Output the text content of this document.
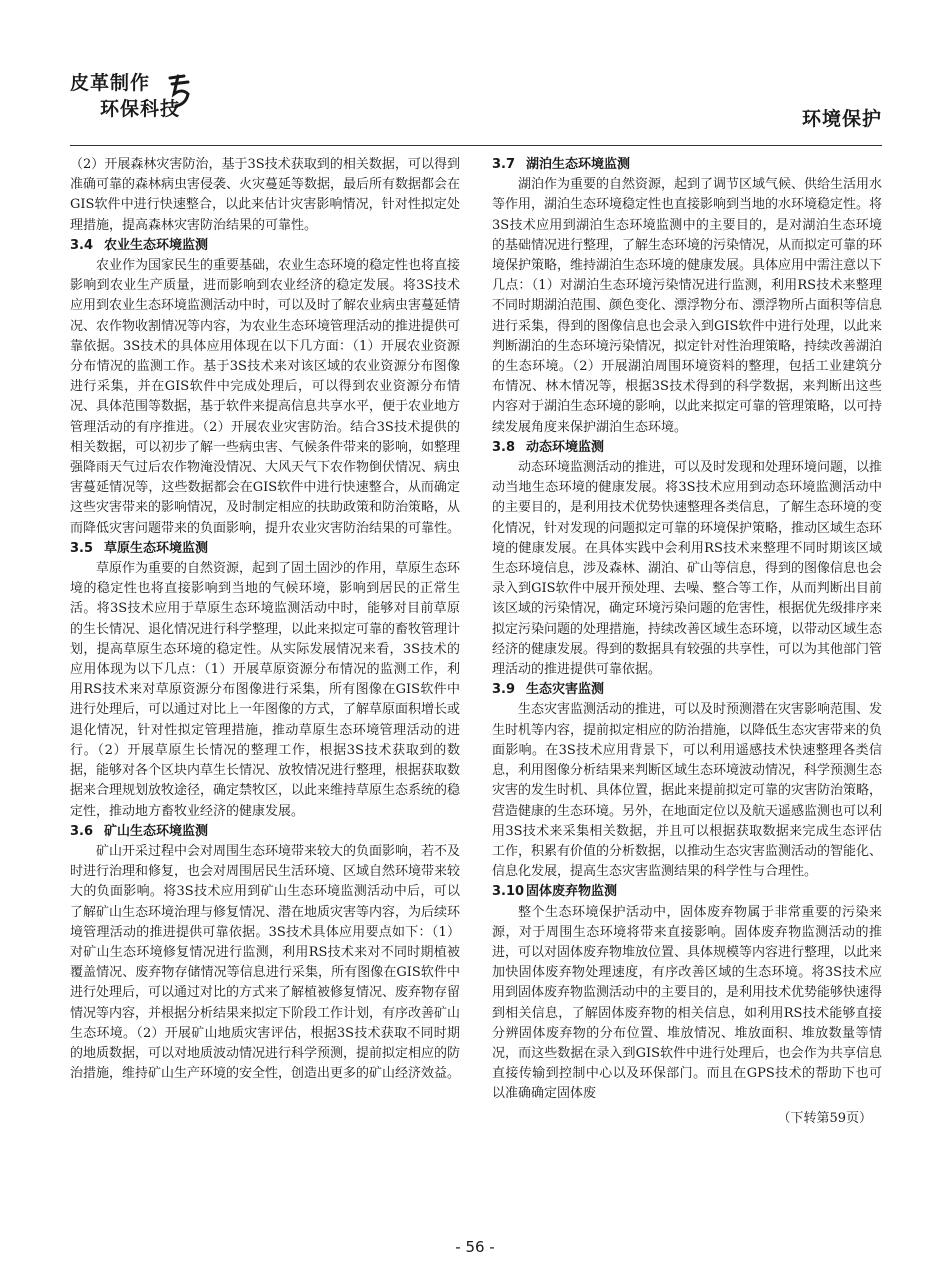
皮革制作
环保科技	环境保护

（2）开展森林灾害防治，基于3S技术获取到的相关数据，可以得到准确可靠的森林病虫害侵袭、火灾蔓延等数据，最后所有数据都会在GIS软件中进行快速整合，以此来估计灾害影响情况，针对性拟定处理措施，提高森林灾害防治结果的可靠性。

3.4 农业生态环境监测

农业作为国家民生的重要基础，农业生态环境的稳定性也将直接影响到农业生产质量，进而影响到农业经济的稳定发展。将3S技术应用到农业生态环境监测活动中时，可以及时了解农业病虫害蔓延情况、农作物收割情况等内容，为农业生态环境管理活动的推进提供可靠依据。3S技术的具体应用体现在以下几方面：（1）开展农业资源分布情况的监测工作。基于3S技术来对该区域的农业资源分布图像进行采集，并在GIS软件中完成处理后，可以得到农业资源分布情况、具体范围等数据，基于软件来提高信息共享水平，便于农业地方管理活动的有序推进。（2）开展农业灾害防治。结合3S技术提供的相关数据，可以初步了解一些病虫害、气候条件带来的影响，如整理强降雨天气过后农作物淹没情况、大风天气下农作物倒伏情况、病虫害蔓延情况等，这些数据都会在GIS软件中进行快速整合，从而确定这些灾害带来的影响情况，及时制定相应的扶助政策和防治策略，从而降低灾害问题带来的负面影响，提升农业灾害防治结果的可靠性。

3.5 草原生态环境监测

草原作为重要的自然资源，起到了固土固沙的作用，草原生态环境的稳定性也将直接影响到当地的气候环境，影响到居民的正常生活。将3S技术应用于草原生态环境监测活动中时，能够对目前草原的生长情况、退化情况进行科学整理，以此来拟定可靠的畜牧管理计划，提高草原生态环境的稳定性。从实际发展情况来看，3S技术的应用体现为以下几点：（1）开展草原资源分布情况的监测工作，利用RS技术来对草原资源分布图像进行采集，所有图像在GIS软件中进行处理后，可以通过对比上一年图像的方式，了解草原面积增长或退化情况，针对性拟定管理措施，推动草原生态环境管理活动的进行。（2）开展草原生长情况的整理工作，根据3S技术获取到的数据，能够对各个区块内草生长情况、放牧情况进行整理，根据获取数据来合理规划放牧途径，确定禁牧区，以此来维持草原生态系统的稳定性，推动地方畜牧业经济的健康发展。

3.6 矿山生态环境监测

矿山开采过程中会对周围生态环境带来较大的负面影响，若不及时进行治理和修复，也会对周围居民生活环境、区域自然环境带来较大的负面影响。将3S技术应用到矿山生态环境监测活动中后，可以了解矿山生态环境治理与修复情况、潜在地质灾害等内容，为后续环境管理活动的推进提供可靠依据。3S技术具体应用要点如下：（1）对矿山生态环境修复情况进行监测，利用RS技术来对不同时期植被覆盖情况、废弃物存储情况等信息进行采集，所有图像在GIS软件中进行处理后，可以通过对比的方式来了解植被修复情况、废弃物存留情况等内容，并根据分析结果来拟定下阶段工作计划，有序改善矿山生态环境。（2）开展矿山地质灾害评估，根据3S技术获取不同时期的地质数据，可以对地质波动情况进行科学预测，提前拟定相应的防治措施，维持矿山生产环境的安全性，创造出更多的矿山经济效益。

3.7 湖泊生态环境监测

湖泊作为重要的自然资源，起到了调节区域气候、供给生活用水等作用，湖泊生态环境稳定性也直接影响到当地的水环境稳定性。将3S技术应用到湖泊生态环境监测中的主要目的，是对湖泊生态环境的基础情况进行整理，了解生态环境的污染情况，从而拟定可靠的环境保护策略，维持湖泊生态环境的健康发展。具体应用中需注意以下几点：（1）对湖泊生态环境污染情况进行监测，利用RS技术来整理不同时期湖泊范围、颜色变化、漂浮物分布、漂浮物所占面积等信息进行采集，得到的图像信息也会录入到GIS软件中进行处理，以此来判断湖泊的生态环境污染情况，拟定针对性治理策略，持续改善湖泊的生态环境。（2）开展湖泊周围环境资料的整理，包括工业建筑分布情况、林木情况等，根据3S技术得到的科学数据，来判断出这些内容对于湖泊生态环境的影响，以此来拟定可靠的管理策略，以可持续发展角度来保护湖泊生态环境。

3.8 动态环境监测

动态环境监测活动的推进，可以及时发现和处理环境问题，以推动当地生态环境的健康发展。将3S技术应用到动态环境监测活动中的主要目的，是利用技术优势快速整理各类信息，了解生态环境的变化情况，针对发现的问题拟定可靠的环境保护策略，推动区域生态环境的健康发展。在具体实践中会利用RS技术来整理不同时期该区域生态环境信息，涉及森林、湖泊、矿山等信息，得到的图像信息也会录入到GIS软件中展开预处理、去噪、整合等工作，从而判断出目前该区域的污染情况，确定环境污染问题的危害性，根据优先级排序来拟定污染问题的处理措施，持续改善区域生态环境，以带动区域生态经济的健康发展。得到的数据具有较强的共享性，可以为其他部门管理活动的推进提供可靠依据。

3.9 生态灾害监测

生态灾害监测活动的推进，可以及时预测潜在灾害影响范围、发生时机等内容，提前拟定相应的防治措施，以降低生态灾害带来的负面影响。在3S技术应用背景下，可以利用遥感技术快速整理各类信息，利用图像分析结果来判断区域生态环境波动情况，科学预测生态灾害的发生时机、具体位置，据此来提前拟定可靠的灾害防治策略，营造健康的生态环境。另外，在地面定位以及航天遥感监测也可以利用3S技术来采集相关数据，并且可以根据获取数据来完成生态评估工作，积累有价值的分析数据，以推动生态灾害监测活动的智能化、信息化发展，提高生态灾害监测结果的科学性与合理性。

3.10 固体废弃物监测

整个生态环境保护活动中，固体废弃物属于非常重要的污染来源，对于周围生态环境将带来直接影响。固体废弃物监测活动的推进，可以对固体废弃物堆放位置、具体规模等内容进行整理，以此来加快固体废弃物处理速度，有序改善区域的生态环境。将3S技术应用到固体废弃物监测活动中的主要目的，是利用技术优势能够快速得到相关信息，了解固体废弃物的相关信息，如利用RS技术能够直接分辨固体废弃物的分布位置、堆放情况、堆放面积、堆放数量等情况，而这些数据在录入到GIS软件中进行处理后，也会作为共享信息直接传输到控制中心以及环保部门。而且在GPS技术的帮助下也可以准确确定固体废

（下转第59页）
- 56 -
